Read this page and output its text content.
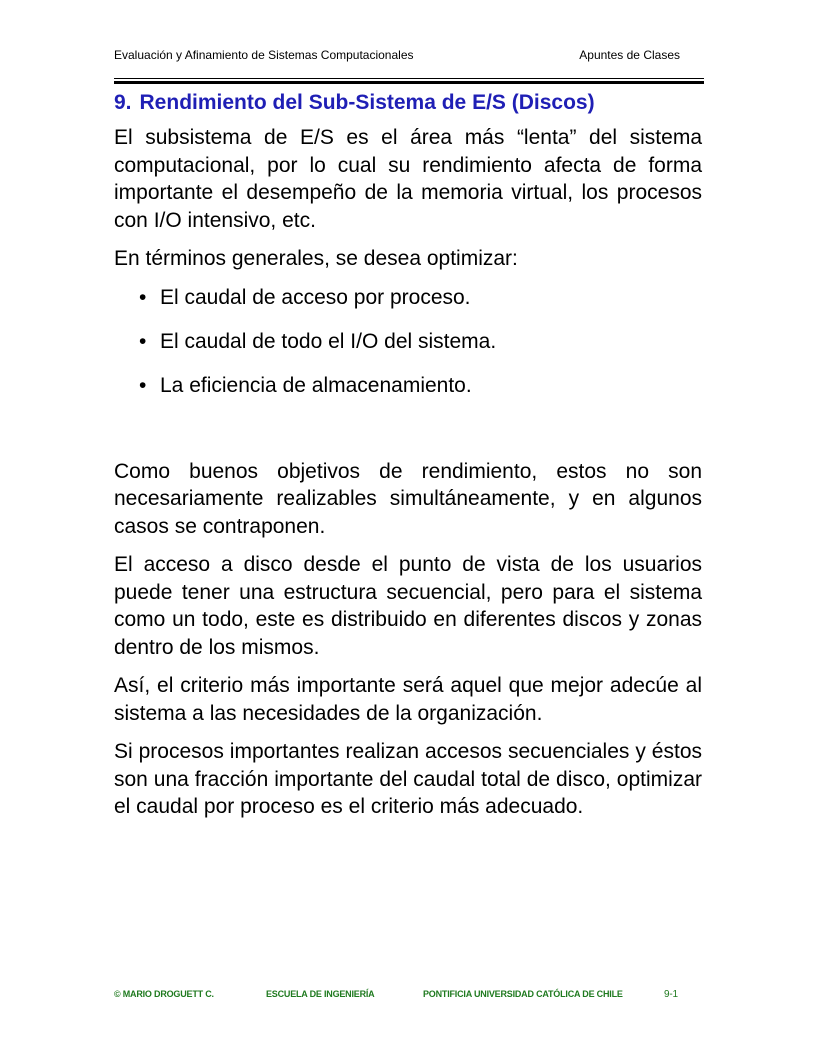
Evaluación y Afinamiento de Sistemas Computacionales	Apuntes de Clases
9. Rendimiento del Sub-Sistema de E/S (Discos)

El subsistema de E/S es el área más “lenta” del sistema computacional, por lo cual su rendimiento afecta de forma importante el desempeño de la memoria virtual, los procesos con I/O intensivo, etc.

En términos generales, se desea optimizar:

• El caudal de acceso por proceso.
• El caudal de todo el I/O del sistema.
• La eficiencia de almacenamiento.

Como buenos objetivos de rendimiento, estos no son necesariamente realizables simultáneamente, y en algunos casos se contraponen.

El acceso a disco desde el punto de vista de los usuarios puede tener una estructura secuencial, pero para el sistema como un todo, este es distribuido en diferentes discos y zonas dentro de los mismos.

Así, el criterio más importante será aquel que mejor adecúe al sistema a las necesidades de la organización.

Si procesos importantes realizan accesos secuenciales y éstos son una fracción importante del caudal total de disco, optimizar el caudal por proceso es el criterio más adecuado.

© MARIO DROGUETT C.	ESCUELA DE INGENIERÍA	PONTIFICIA UNIVERSIDAD CATÓLICA DE CHILE	9-1
